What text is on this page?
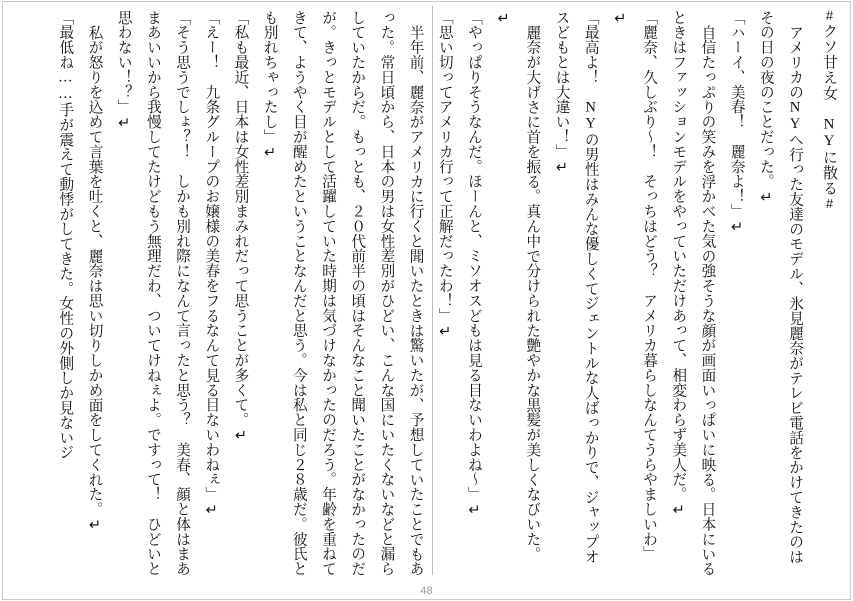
#クソ甘え女　NYに散る#

アメリカのNYへ行った友達のモデル、氷見麗奈がテレビ電話をかけてきたのはその日の夜のことだった。↵

「ハーイ、美春！　麗奈よ！」↵

自信たっぷりの笑みを浮かべた気の強そうな顔が画面いっぱいに映る。日本にいるときはファッションモデルをやっていただけあって、相変わらず美人だ。↵

「麗奈、久しぶり～！　そっちはどう？　アメリカ暮らしなんてうらやましいわ」↵

「最高よ！　NYの男性はみんな優しくてジェントルな人ばっかりで、ジャップオスどもとは大違い！」↵

麗奈が大げさに首を振る。真ん中で分けられた艶やかな黒髪が美しくなびいた。↵

「やっぱりそうなんだ。ほーんと、ミソオスどもは見る目ないわよね～」↵

「思い切ってアメリカ行って正解だったわ！」↵

半年前、麗奈がアメリカに行くと聞いたときは驚いたが、予想していたことでもあった。常日頃から、日本の男は女性差別がひどい、こんな国にいたくないなどと漏らしていたからだ。もっとも、２０代前半の頃はそんなこと聞いたことがなかったのだが。きっとモデルとして活躍していた時期は気づけなかったのだろう。年齢を重ねてきて、ようやく目が醒めたということなんだと思う。今は私と同じ２８歳だ。彼氏とも別れちゃったし」↵

「私も最近、日本は女性差別まみれだって思うことが多くて。↵

「えー！　九条グループのお嬢様の美春をフるなんて見る目ないわねぇ」↵

「そう思うでしょ？！　しかも別れ際になんて言ったと思う？　美春、顔と体はまあまあいいから我慢してたけどもう無理だわ、ついてけねぇよ。ですって！　ひどいと思わない！？」↵

私が怒りを込めて言葉を吐くと、麗奈は思い切りしかめ面をしてくれた。↵

「最低ね……手が震えて動悸がしてきた。女性の外側しか見ないジ

48
